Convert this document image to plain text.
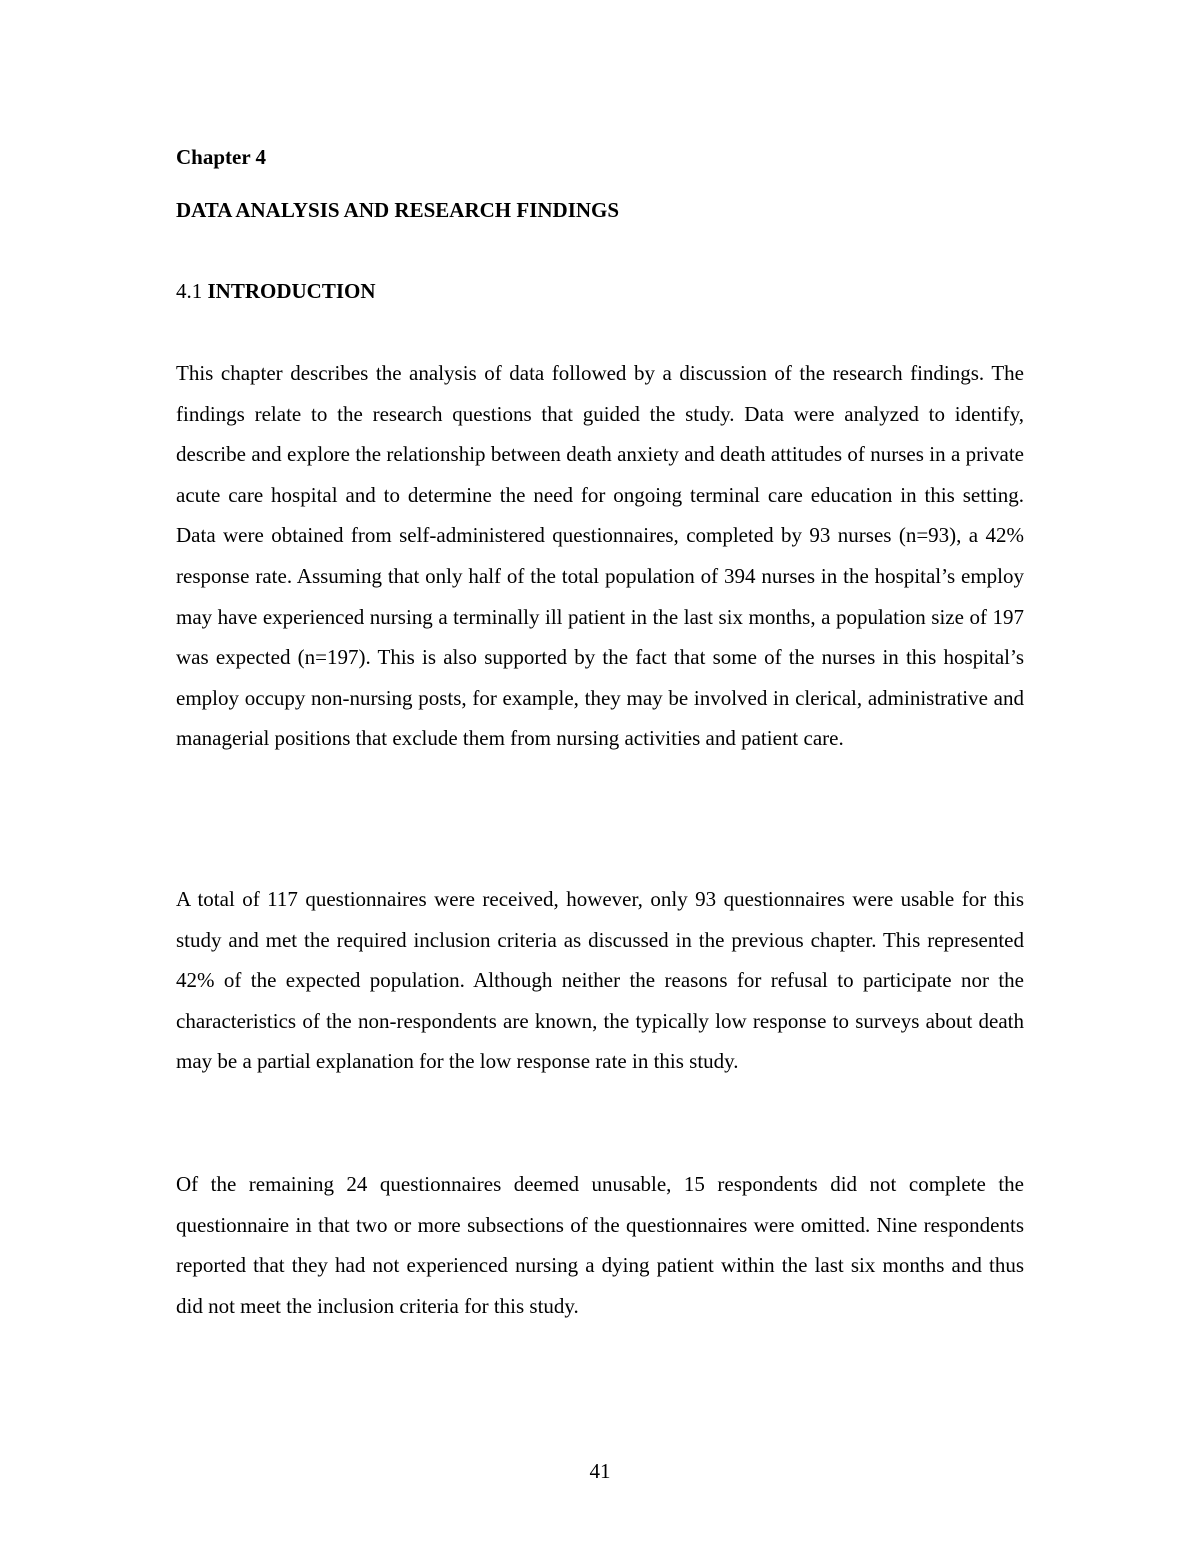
Chapter 4

DATA ANALYSIS AND RESEARCH FINDINGS

4.1 INTRODUCTION

This chapter describes the analysis of data followed by a discussion of the research findings. The findings relate to the research questions that guided the study. Data were analyzed to identify, describe and explore the relationship between death anxiety and death attitudes of nurses in a private acute care hospital and to determine the need for ongoing terminal care education in this setting. Data were obtained from self-administered questionnaires, completed by 93 nurses (n=93), a 42% response rate. Assuming that only half of the total population of 394 nurses in the hospital’s employ may have experienced nursing a terminally ill patient in the last six months, a population size of 197 was expected (n=197). This is also supported by the fact that some of the nurses in this hospital’s employ occupy non-nursing posts, for example, they may be involved in clerical, administrative and managerial positions that exclude them from nursing activities and patient care.

A total of 117 questionnaires were received, however, only 93 questionnaires were usable for this study and met the required inclusion criteria as discussed in the previous chapter. This represented 42% of the expected population. Although neither the reasons for refusal to participate nor the characteristics of the non-respondents are known, the typically low response to surveys about death may be a partial explanation for the low response rate in this study.

Of the remaining 24 questionnaires deemed unusable, 15 respondents did not complete the questionnaire in that two or more subsections of the questionnaires were omitted. Nine respondents reported that they had not experienced nursing a dying patient within the last six months and thus did not meet the inclusion criteria for this study.

41
